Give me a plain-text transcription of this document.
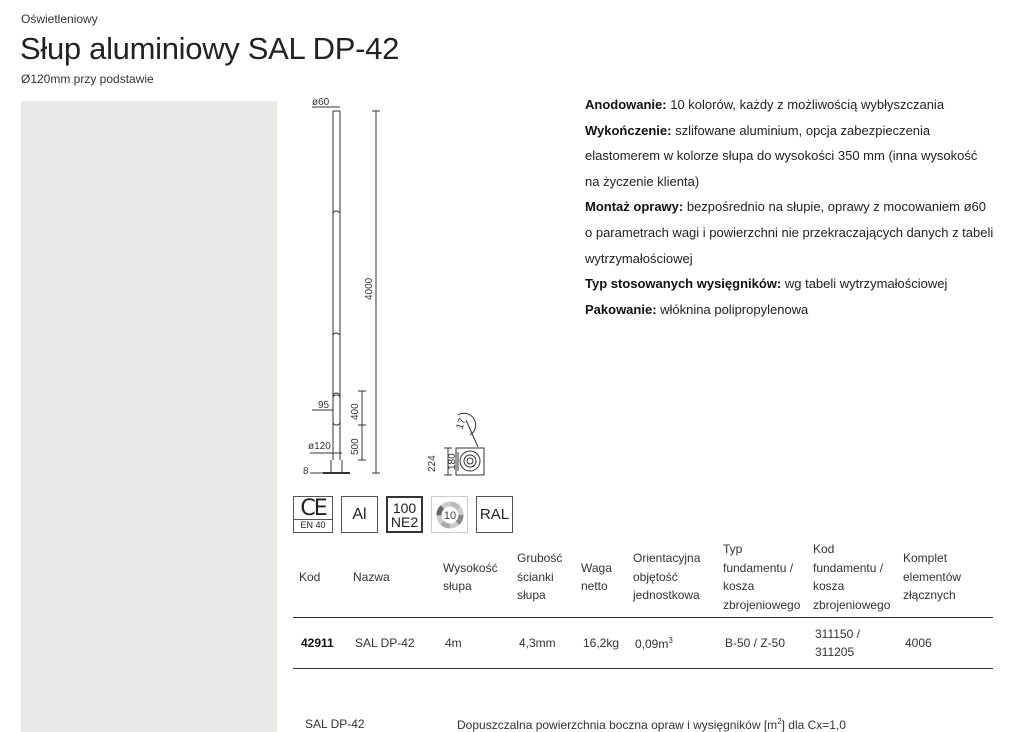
Oświetleniowy
Słup aluminiowy SAL DP-42
Ø120mm przy podstawie
ø60
4000
95 400
ø120 500
8	224 180
17
Anodowanie: 10 kolorów, każdy z możliwością wybłyszczania
Wykończenie: szlifowane aluminium, opcja zabezpieczenia elastomerem w kolorze słupa do wysokości 350 mm (inna wysokość na życzenie klienta)
Montaż oprawy: bezpośrednio na słupie, oprawy z mocowaniem ø60 o parametrach wagi i powierzchni nie przekraczających danych z tabeli wytrzymałościowej
Typ stosowanych wysięgników: wg tabeli wytrzymałościowej
Pakowanie: włóknina polipropylenowa
CE
EN 40
Al 100
NE2 10 RAL
Kod	Nazwa	Wysokość słupa	Grubość ścianki słupa	Waga netto	Orientacyjna objętość jednostkowa	Typ fundamentu / kosza zbrojeniowego	Kod fundamentu / kosza zbrojeniowego	Komplet elementów złącznych
42911	SAL DP-42	4m	4,3mm	16,2kg	$0,09m^3$	B-50 / Z-50	311150 / 311205	4006
SAL DP-42	Dopuszczalna powierzchnia boczna opraw i wysięgników $[m^2]$ dla Cx=1,0
